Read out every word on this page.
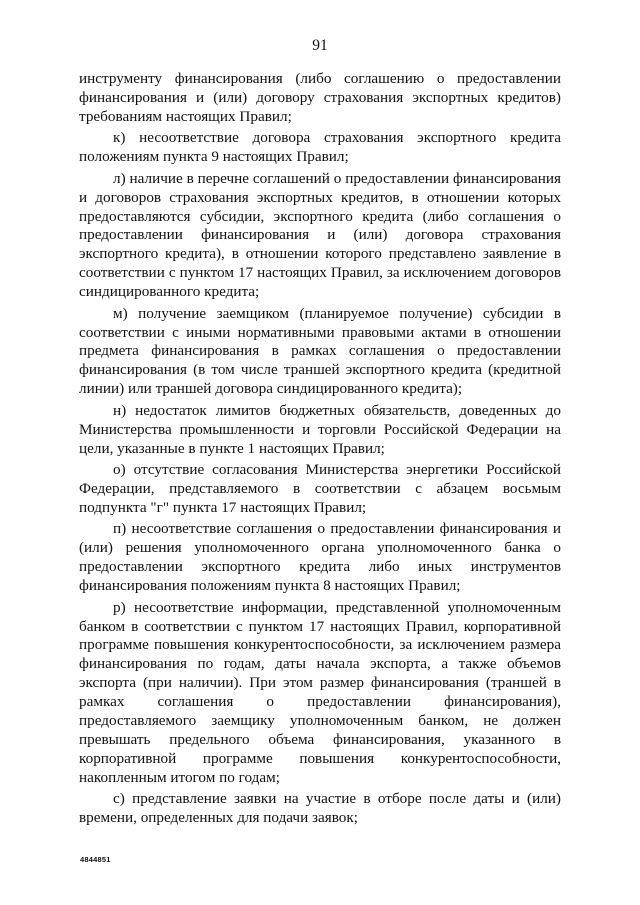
91

инструменту финансирования (либо соглашению о предоставлении финансирования и (или) договору страхования экспортных кредитов) требованиям настоящих Правил;

к) несоответствие договора страхования экспортного кредита положениям пункта 9 настоящих Правил;

л) наличие в перечне соглашений о предоставлении финансирования и договоров страхования экспортных кредитов, в отношении которых предоставляются субсидии, экспортного кредита (либо соглашения о предоставлении финансирования и (или) договора страхования экспортного кредита), в отношении которого представлено заявление в соответствии с пунктом 17 настоящих Правил, за исключением договоров синдицированного кредита;

м) получение заемщиком (планируемое получение) субсидии в соответствии с иными нормативными правовыми актами в отношении предмета финансирования в рамках соглашения о предоставлении финансирования (в том числе траншей экспортного кредита (кредитной линии) или траншей договора синдицированного кредита);

н) недостаток лимитов бюджетных обязательств, доведенных до Министерства промышленности и торговли Российской Федерации на цели, указанные в пункте 1 настоящих Правил;

о) отсутствие согласования Министерства энергетики Российской Федерации, представляемого в соответствии с абзацем восьмым подпункта "г" пункта 17 настоящих Правил;

п) несоответствие соглашения о предоставлении финансирования и (или) решения уполномоченного органа уполномоченного банка о предоставлении экспортного кредита либо иных инструментов финансирования положениям пункта 8 настоящих Правил;

р) несоответствие информации, представленной уполномоченным банком в соответствии с пунктом 17 настоящих Правил, корпоративной программе повышения конкурентоспособности, за исключением размера финансирования по годам, даты начала экспорта, а также объемов экспорта (при наличии). При этом размер финансирования (траншей в рамках соглашения о предоставлении финансирования), предоставляемого заемщику уполномоченным банком, не должен превышать предельного объема финансирования, указанного в корпоративной программе повышения конкурентоспособности, накопленным итогом по годам;

с) представление заявки на участие в отборе после даты и (или) времени, определенных для подачи заявок;

4844851
